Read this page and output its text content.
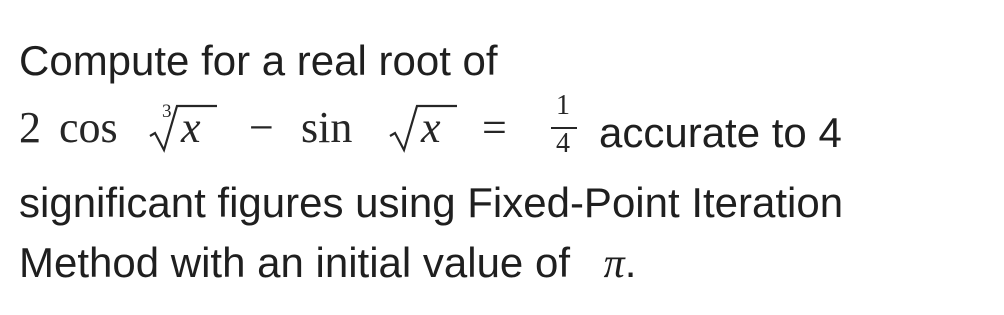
Compute for a real root of
2 cos 3 x − sin x = 1
4 accurate to 4
significant figures using Fixed-Point Iteration
Method with an initial value of π.
